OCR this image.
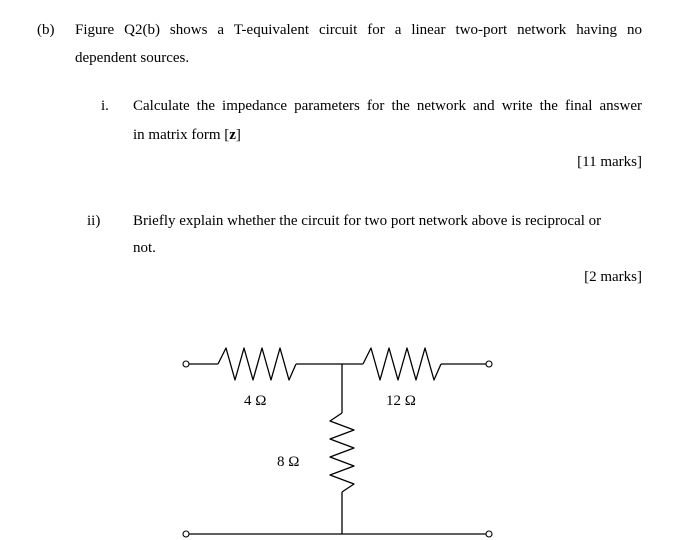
(b) Figure Q2(b) shows a T-equivalent circuit for a linear two-port network having no
dependent sources.
i. Calculate the impedance parameters for the network and write the final answer
in matrix form [z]
[11 marks]
ii) Briefly explain whether the circuit for two port network above is reciprocal or
not.
[2 marks]
4 Ω	12 Ω
8 Ω
